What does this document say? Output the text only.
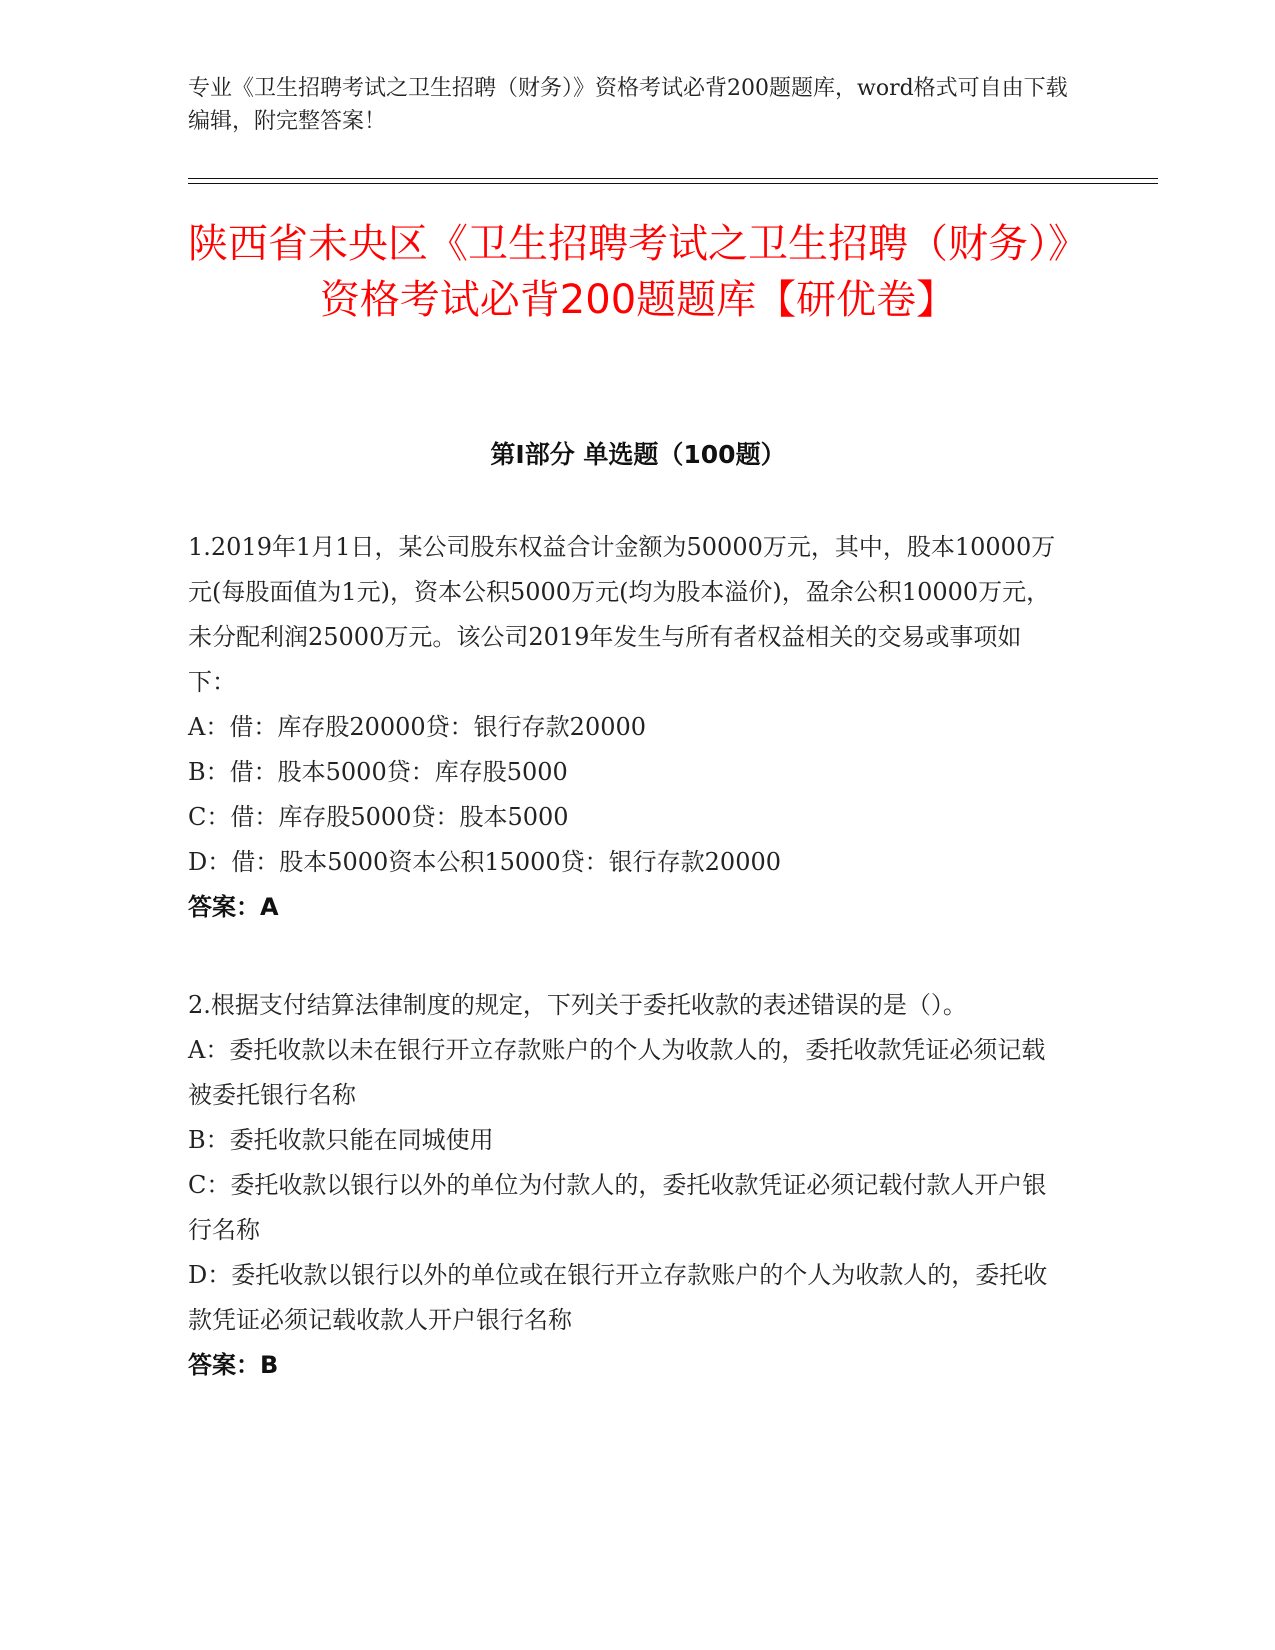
专业《卫生招聘考试之卫生招聘（财务）》资格考试必背200题题库，word格式可自由下载编辑，附完整答案！
陕西省未央区《卫生招聘考试之卫生招聘（财务）》资格考试必背200题题库【研优卷】
第I部分 单选题（100题）
1.2019年1月1日，某公司股东权益合计金额为50000万元，其中，股本10000万元(每股面值为1元)，资本公积5000万元(均为股本溢价)，盈余公积10000万元，未分配利润25000万元。该公司2019年发生与所有者权益相关的交易或事项如下：
A：借：库存股20000贷：银行存款20000
B：借：股本5000贷：库存股5000
C：借：库存股5000贷：股本5000
D：借：股本5000资本公积15000贷：银行存款20000
答案：A
2.根据支付结算法律制度的规定，下列关于委托收款的表述错误的是（）。
A：委托收款以未在银行开立存款账户的个人为收款人的，委托收款凭证必须记载被委托银行名称
B：委托收款只能在同城使用
C：委托收款以银行以外的单位为付款人的，委托收款凭证必须记载付款人开户银行名称
D：委托收款以银行以外的单位或在银行开立存款账户的个人为收款人的，委托收款凭证必须记载收款人开户银行名称
答案：B
